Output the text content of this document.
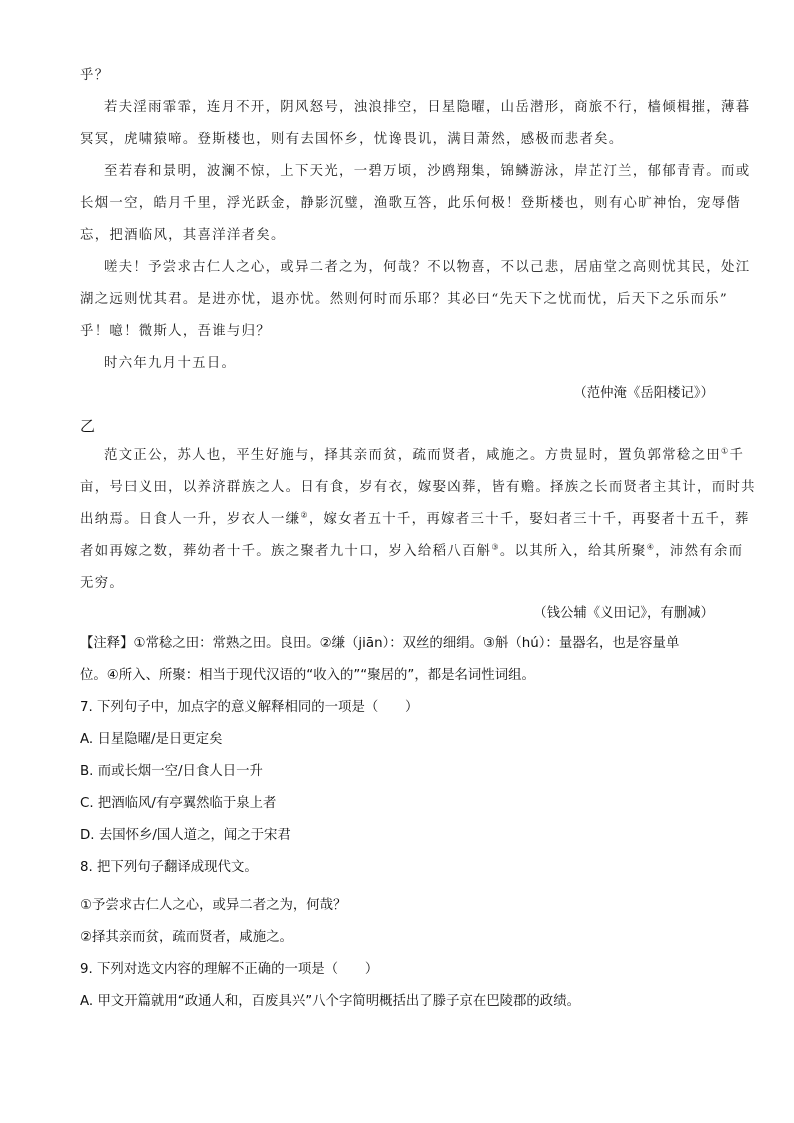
乎？
若夫淫雨霏霏，连月不开，阴风怒号，浊浪排空，日星隐曜，山岳潜形，商旅不行，樯倾楫摧，薄暮
冥冥，虎啸猿啼。登斯楼也，则有去国怀乡，忧谗畏讥，满目萧然，感极而悲者矣。
至若春和景明，波澜不惊，上下天光，一碧万顷，沙鸥翔集，锦鳞游泳，岸芷汀兰，郁郁青青。而或
长烟一空，皓月千里，浮光跃金，静影沉璧，渔歌互答，此乐何极！登斯楼也，则有心旷神怡，宠辱偕
忘，把酒临风，其喜洋洋者矣。
嗟夫！予尝求古仁人之心，或异二者之为，何哉？不以物喜，不以己悲，居庙堂之高则忧其民，处江
湖之远则忧其君。是进亦忧，退亦忧。然则何时而乐耶？其必曰“先天下之忧而忧，后天下之乐而乐”
乎！噫！微斯人，吾谁与归？
时六年九月十五日。
（范仲淹《岳阳楼记》）
乙
范文正公，苏人也，平生好施与，择其亲而贫，疏而贤者，咸施之。方贵显时，置负郭常稔之田①千
亩，号曰义田，以养济群族之人。日有食，岁有衣，嫁娶凶葬，皆有赡。择族之长而贤者主其计，而时共
出纳焉。日食人一升，岁衣人一缣②，嫁女者五十千，再嫁者三十千，娶妇者三十千，再娶者十五千，葬
者如再嫁之数，葬幼者十千。族之聚者九十口，岁入给稻八百斛③。以其所入，给其所聚④，沛然有余而
无穷。
（钱公辅《义田记》，有删减）
【注释】①常稔之田：常熟之田。良田。②缣（jiān）：双丝的细绢。③斛（hú）：量器名，也是容量单
位。④所入、所聚：相当于现代汉语的“收入的”“聚居的”，都是名词性词组。
7. 下列句子中，加点字的意义解释相同的一项是（　　）
A. 日星隐曜/是日更定矣
B. 而或长烟一空/日食人日一升
C. 把酒临风/有亭翼然临于泉上者
D. 去国怀乡/国人道之，闻之于宋君
8. 把下列句子翻译成现代文。
①予尝求古仁人之心，或异二者之为，何哉？
②择其亲而贫，疏而贤者，咸施之。
9. 下列对选文内容的理解不正确的一项是（　　）
A. 甲文开篇就用“政通人和，百废具兴”八个字简明概括出了滕子京在巴陵郡的政绩。
